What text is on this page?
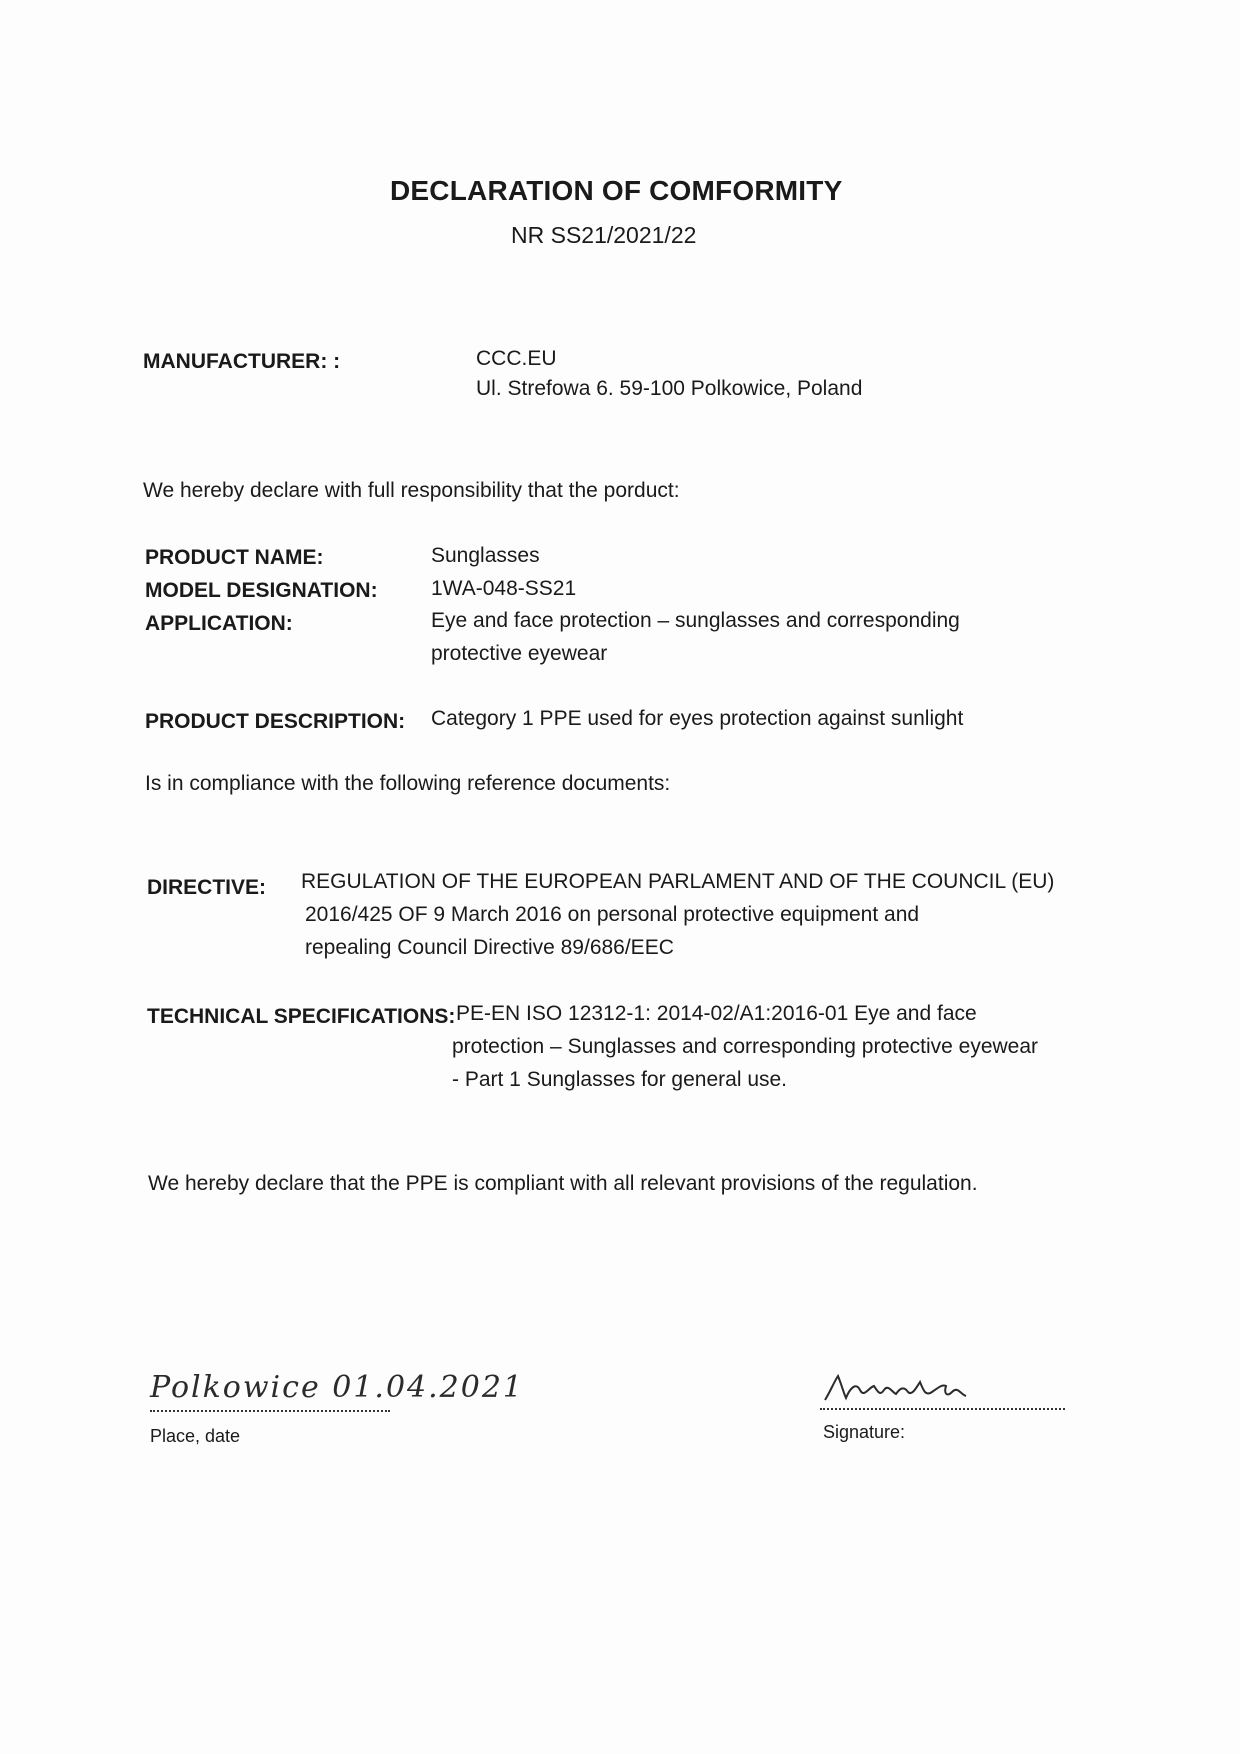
DECLARATION OF COMFORMITY
NR SS21/2021/22
MANUFACTURER: :	CCC.EU
Ul. Strefowa 6. 59-100 Polkowice, Poland
We hereby declare with full responsibility that the porduct:
PRODUCT NAME:	Sunglasses
MODEL DESIGNATION:	1WA-048-SS21
APPLICATION:	Eye and face protection – sunglasses and corresponding
protective eyewear
PRODUCT DESCRIPTION: Category 1 PPE used for eyes protection against sunlight
Is in compliance with the following reference documents:
DIRECTIVE: REGULATION OF THE EUROPEAN PARLAMENT AND OF THE COUNCIL (EU)
2016/425 OF 9 March 2016 on personal protective equipment and
repealing Council Directive 89/686/EEC
TECHNICAL SPECIFICATIONS: PE-EN ISO 12312-1: 2014-02/A1:2016-01 Eye and face
protection – Sunglasses and corresponding protective eyewear
- Part 1 Sunglasses for general use.
We hereby declare that the PPE is compliant with all relevant provisions of the regulation.
Polkowice 01.04.2021
Place, date	Signature:
